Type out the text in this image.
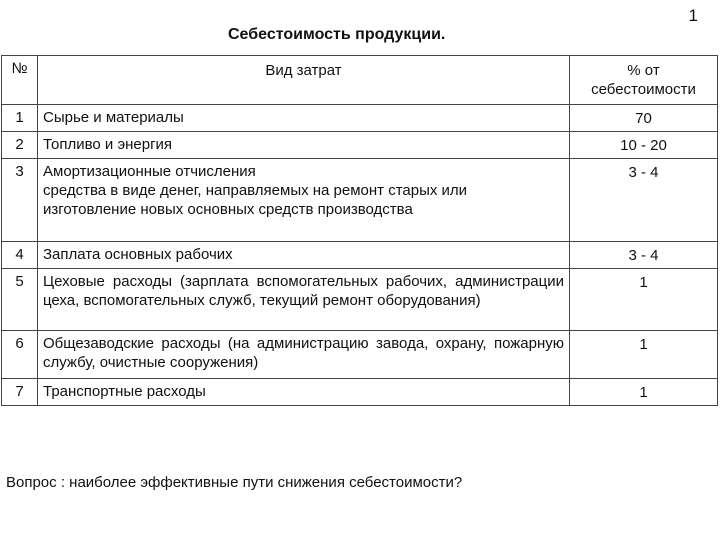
1
Себестоимость продукции.
№	Вид затрат	% от себестоимости
1	Сырье и материалы	70
2	Топливо и энергия	10 - 20
3	Амортизационные отчисления
средства в виде денег, направляемых на ремонт старых или изготовление новых основных средств производства	3 - 4
4	Заплата основных рабочих	3 - 4
5	Цеховые расходы (зарплата вспомогательных рабочих, администрации цеха, вспомогательных служб, текущий ремонт оборудования)	1
6	Общезаводские расходы (на администрацию завода, охрану, пожарную службу, очистные сооружения)	1
7	Транспортные расходы	1
Вопрос : наиболее эффективные пути снижения себестоимости?
